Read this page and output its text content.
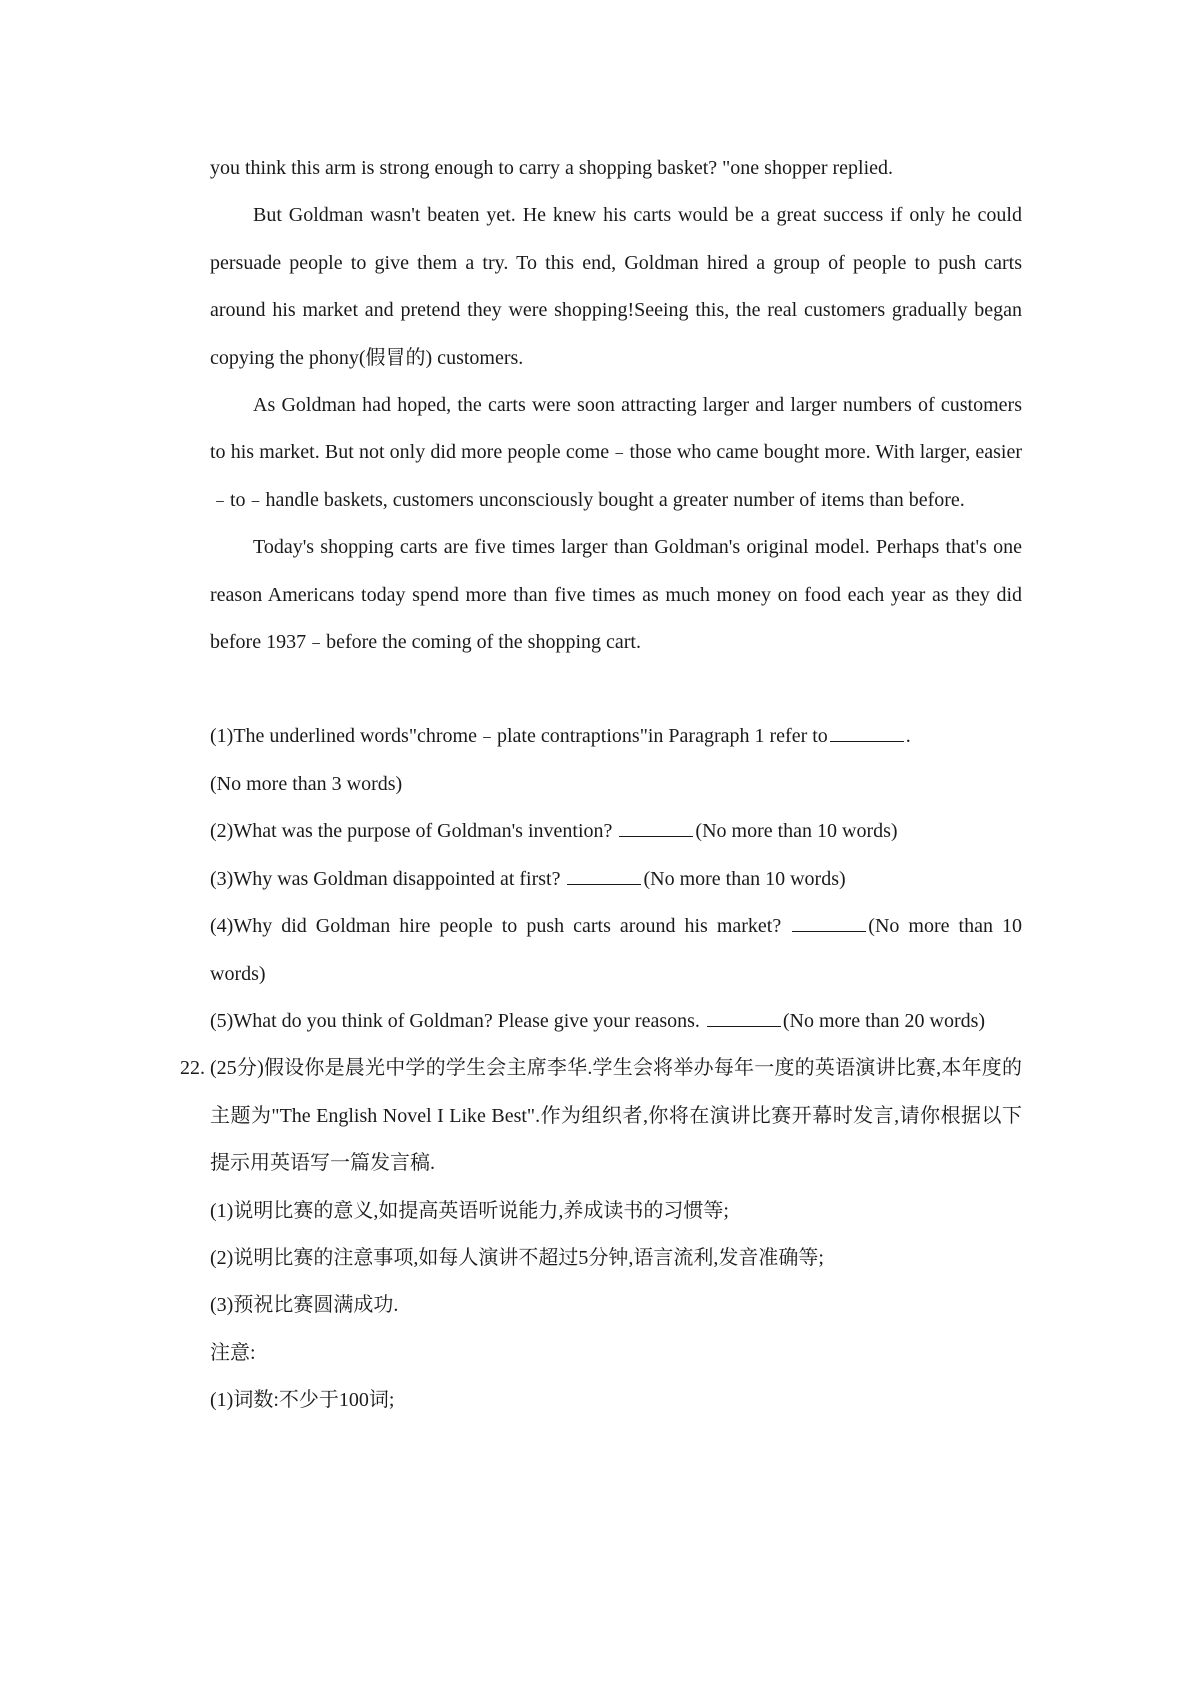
you think this arm is strong enough to carry a shopping basket? "one shopper replied.

But Goldman wasn't beaten yet. He knew his carts would be a great success if only he could persuade people to give them a try. To this end, Goldman hired a group of people to push carts around his market and pretend they were shopping!Seeing this, the real customers gradually began copying the phony(假冒的) customers.

As Goldman had hoped, the carts were soon attracting larger and larger numbers of customers to his market. But not only did more people come﹣those who came bought more. With larger, easier﹣to﹣handle baskets, customers unconsciously bought a greater number of items than before.

Today's shopping carts are five times larger than Goldman's original model. Perhaps that's one reason Americans today spend more than five times as much money on food each year as they did before 1937﹣before the coming of the shopping cart.

(1)The underlined words"chrome﹣plate contraptions"in Paragraph 1 refer to	.

(No more than 3 words)

(2)What was the purpose of Goldman's invention?	(No more than 10 words)

(3)Why was Goldman disappointed at first?	(No more than 10 words)

(4)Why did Goldman hire people to push carts around his market?	(No more than 10 words)

(5)What do you think of Goldman? Please give your reasons.	(No more than 20 words)

22. (25分)假设你是晨光中学的学生会主席李华.学生会将举办每年一度的英语演讲比赛,本年度的主题为"The English Novel I Like Best".作为组织者,你将在演讲比赛开幕时发言,请你根据以下提示用英语写一篇发言稿.

(1)说明比赛的意义,如提高英语听说能力,养成读书的习惯等;

(2)说明比赛的注意事项,如每人演讲不超过5分钟,语言流利,发音准确等;

(3)预祝比赛圆满成功.

注意:

(1)词数:不少于100词;
